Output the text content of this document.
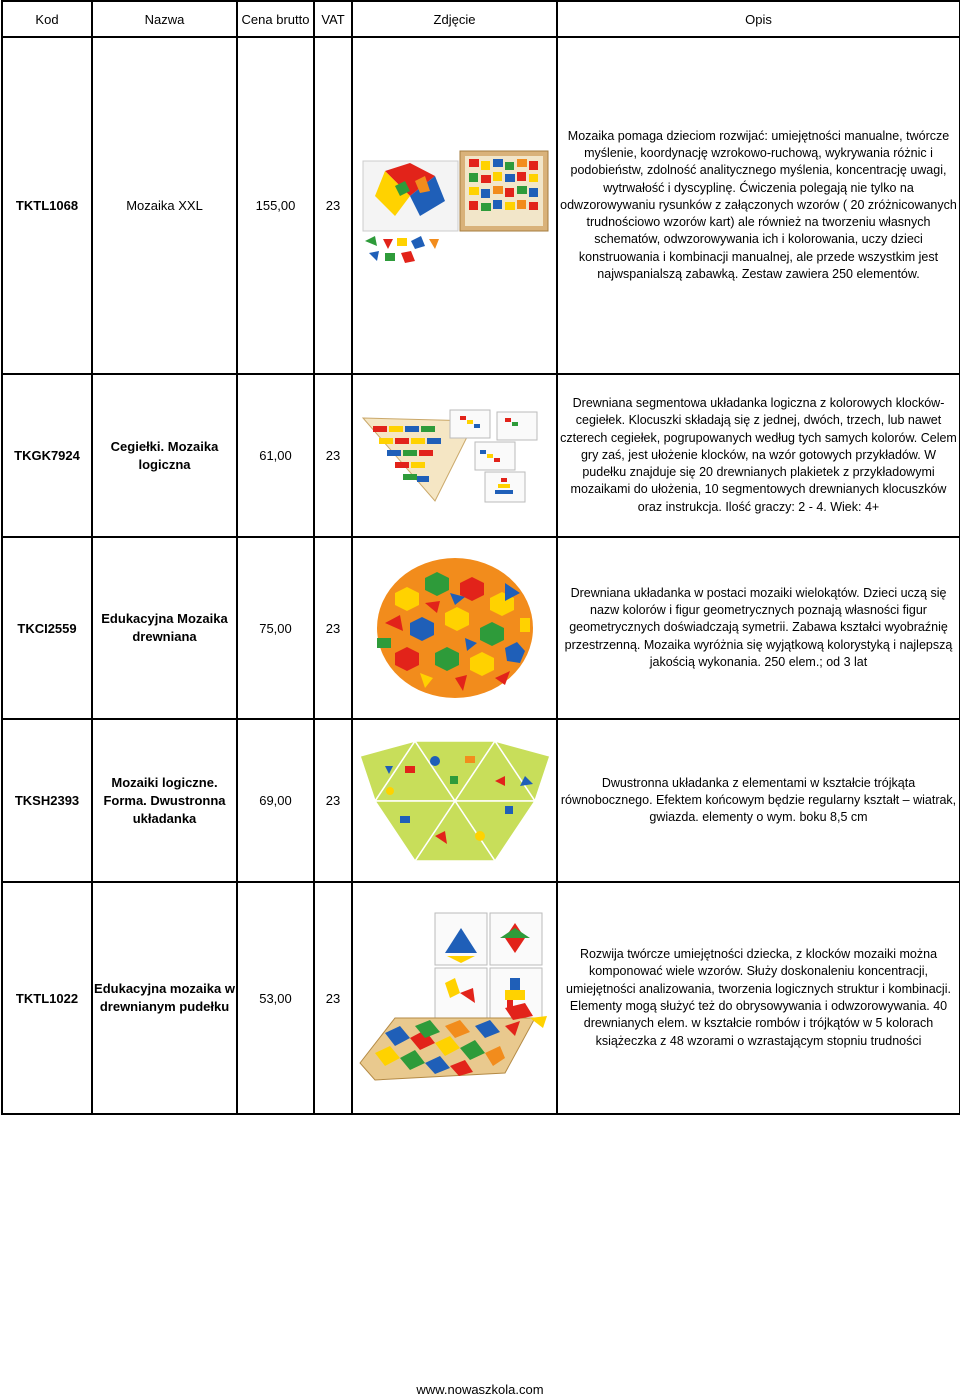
Kod	Nazwa	Cena brutto	VAT	Zdjęcie	Opis
TKTL1068	Mozaika XXL	155,00	23		Mozaika pomaga dzieciom rozwijać: umiejętności manualne, twórcze myślenie, koordynację wzrokowo-ruchową, wykrywania różnic i podobieństw, zdolność analitycznego myślenia, koncentrację uwagi, wytrwałość i dyscyplinę. Ćwiczenia polegają nie tylko na odwzorowywaniu rysunków z załączonych wzorów ( 20 zróżnicowanych trudnościowo wzorów kart) ale również na tworzeniu własnych schematów, odwzorowywania ich i kolorowania, uczy dzieci konstruowania i kombinacji manualnej, ale przede wszystkim jest najwspanialszą zabawką. Zestaw zawiera 250 elementów.
TKGK7924	Cegiełki. Mozaika logiczna	61,00	23		Drewniana segmentowa układanka logiczna z kolorowych klocków-cegiełek. Klocuszki składają się z jednej, dwóch, trzech, lub nawet czterech cegiełek, pogrupowanych według tych samych kolorów. Celem gry zaś, jest ułożenie klocków, na wzór gotowych przykładów. W pudełku znajduje się 20 drewnianych plakietek z przykładowymi mozaikami do ułożenia, 10 segmentowych drewnianych klocuszków oraz instrukcja. Ilość graczy: 2 - 4. Wiek: 4+
TKCI2559	Edukacyjna Mozaika drewniana	75,00	23		Drewniana układanka w postaci mozaiki wielokątów. Dzieci uczą się nazw kolorów i figur geometrycznych poznają własności figur geometrycznych doświadczają symetrii. Zabawa kształci wyobraźnię przestrzenną. Mozaika wyróżnia się wyjątkową kolorystyką i najlepszą jakością wykonania. 250 elem.; od 3 lat
TKSH2393	Mozaiki logiczne. Forma. Dwustronna układanka	69,00	23		Dwustronna układanka z elementami w kształcie trójkąta równobocznego. Efektem końcowym będzie regularny kształt – wiatrak, gwiazda. elementy o wym. boku 8,5 cm
TKTL1022	Edukacyjna mozaika w drewnianym pudełku	53,00	23		Rozwija twórcze umiejętności dziecka, z klocków mozaiki można komponować wiele wzorów. Służy doskonaleniu koncentracji, umiejętności analizowania, tworzenia logicznych struktur i kombinacji. Elementy mogą służyć też do obrysowywania i odwzorowywania. 40 drewnianych elem. w kształcie rombów i trójkątów w 5 kolorach książeczka z 48 wzorami o wzrastającym stopniu trudności
www.nowaszkola.com
